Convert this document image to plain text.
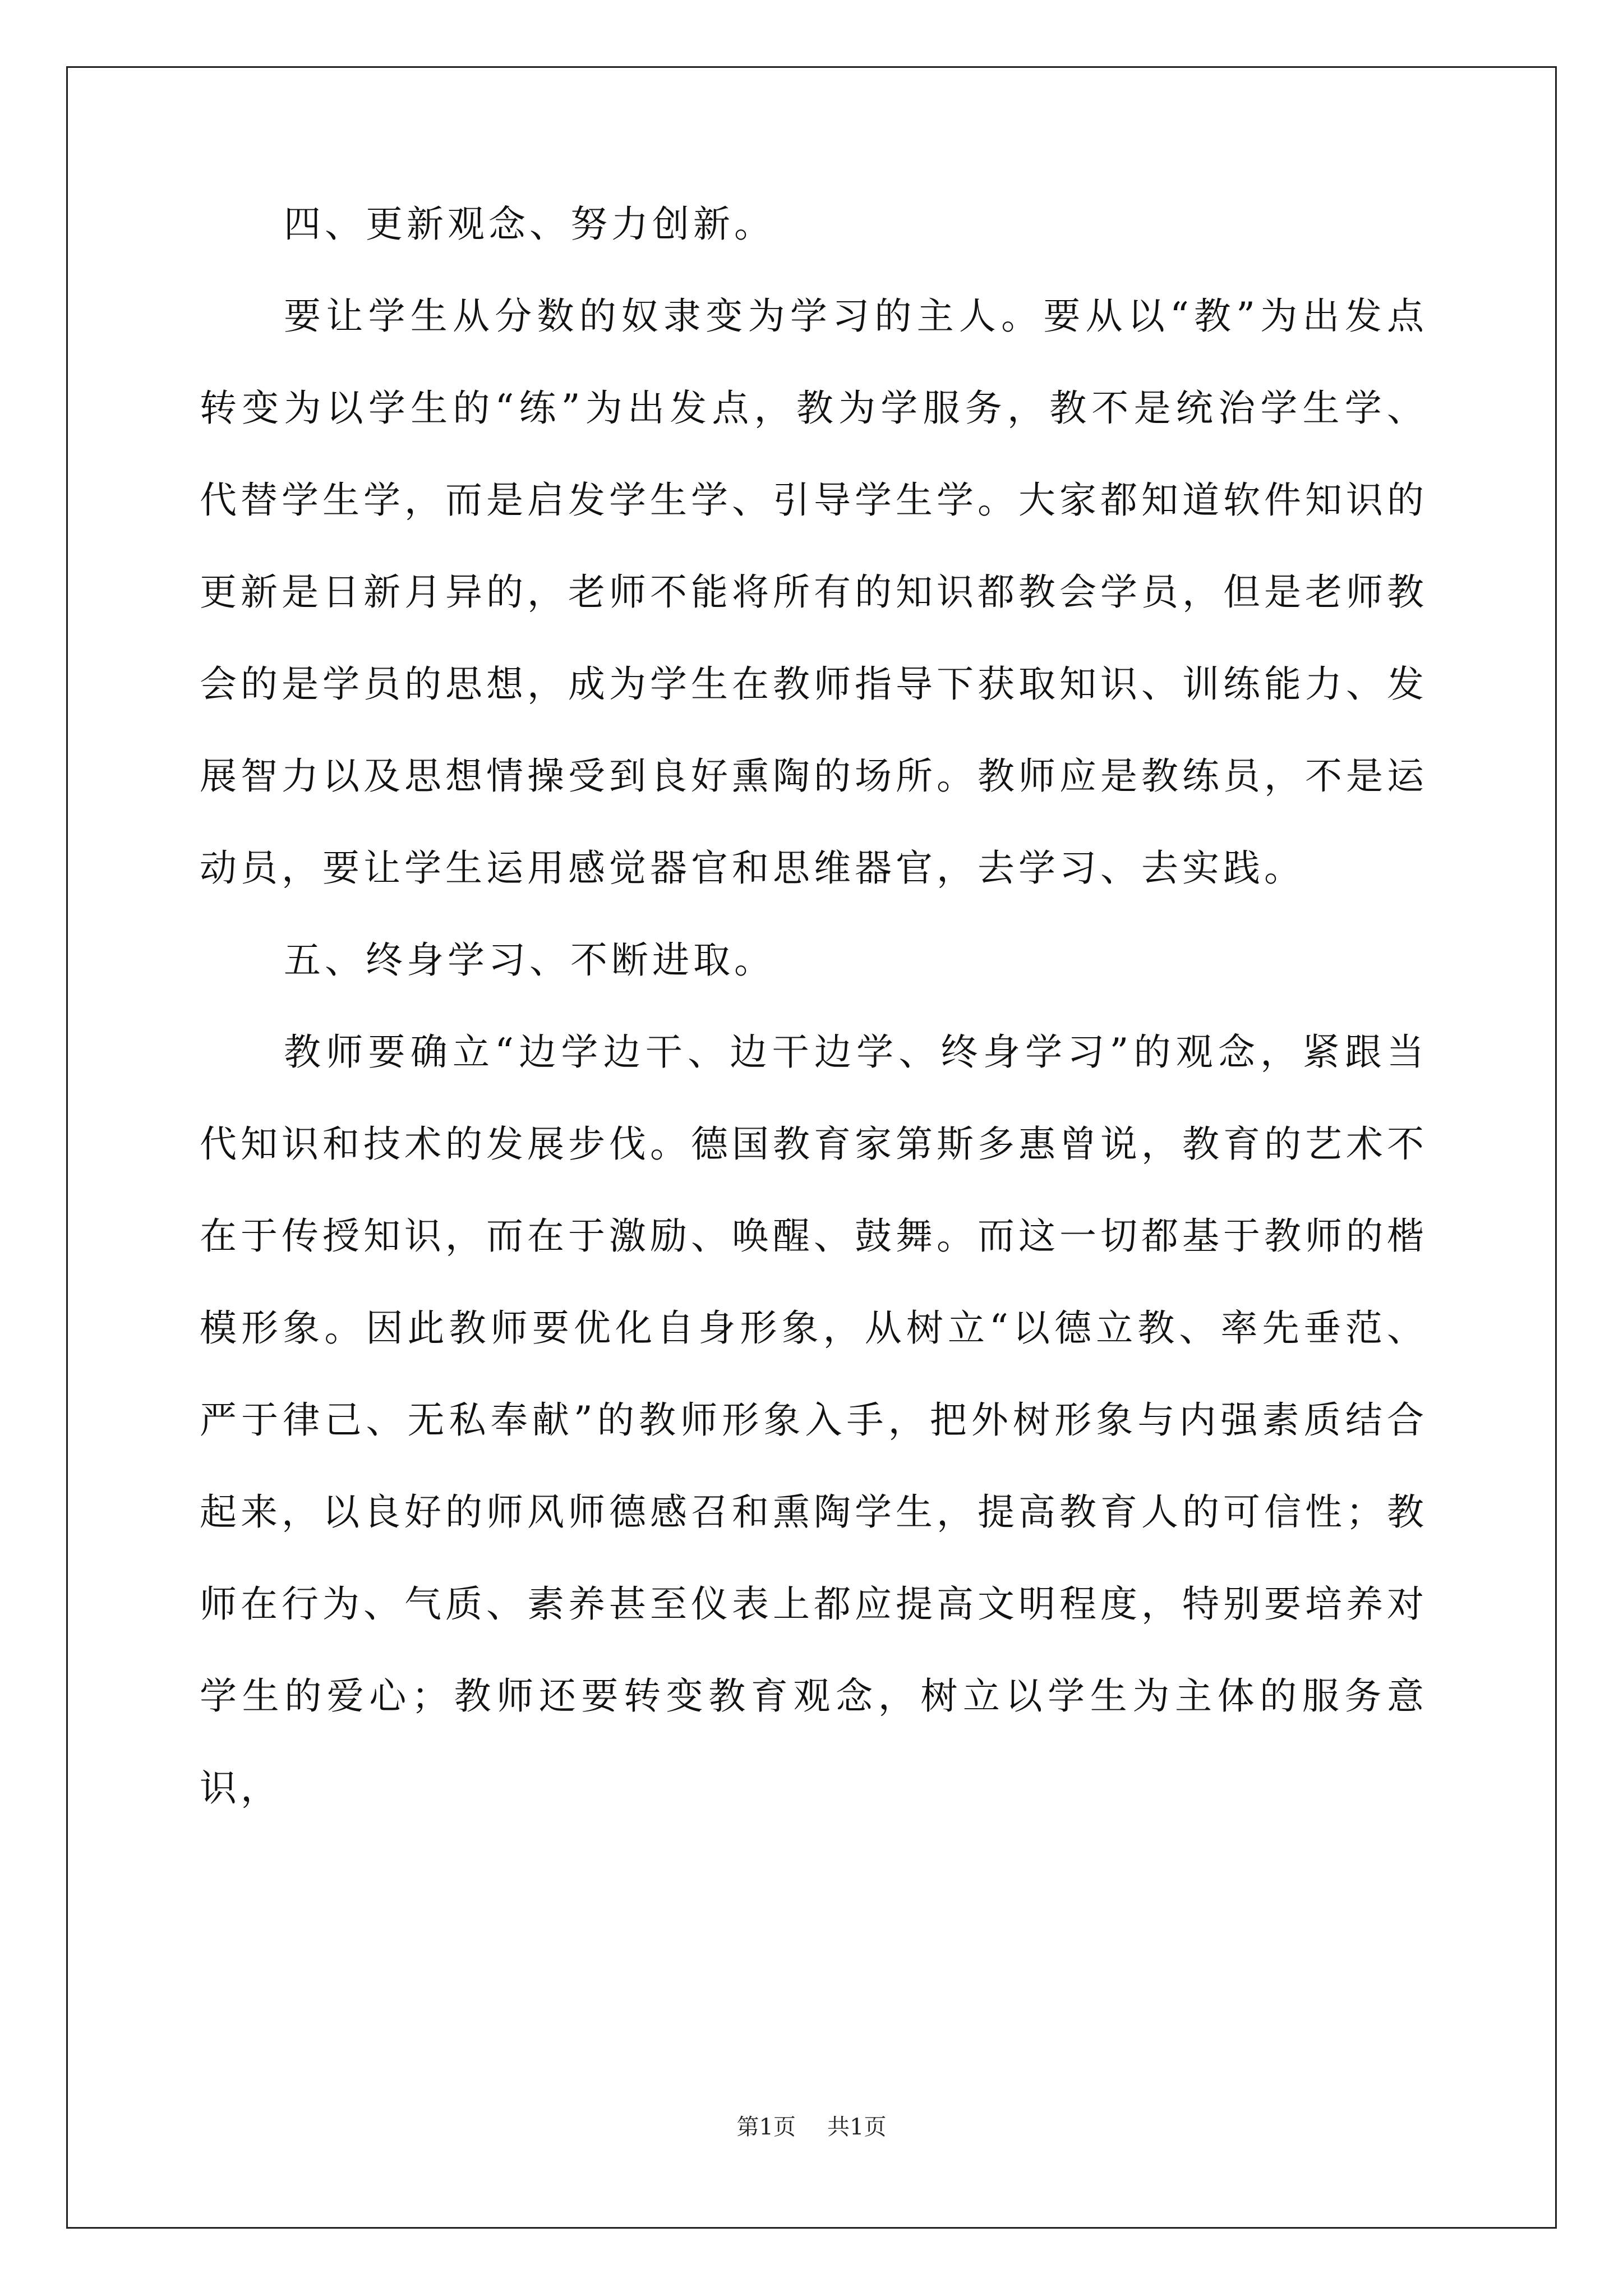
四、更新观念、努力创新。

要让学生从分数的奴隶变为学习的主人。要从以“教”为出发点转变为以学生的“练”为出发点，教为学服务，教不是统治学生学、代替学生学，而是启发学生学、引导学生学。大家都知道软件知识的更新是日新月异的，老师不能将所有的知识都教会学员，但是老师教会的是学员的思想，成为学生在教师指导下获取知识、训练能力、发展智力以及思想情操受到良好熏陶的场所。教师应是教练员，不是运动员，要让学生运用感觉器官和思维器官，去学习、去实践。

五、终身学习、不断进取。

教师要确立“边学边干、边干边学、终身学习”的观念，紧跟当代知识和技术的发展步伐。德国教育家第斯多惠曾说，教育的艺术不在于传授知识，而在于激励、唤醒、鼓舞。而这一切都基于教师的楷模形象。因此教师要优化自身形象，从树立“以德立教、率先垂范、严于律己、无私奉献”的教师形象入手，把外树形象与内强素质结合起来，以良好的师风师德感召和熏陶学生，提高教育人的可信性；教师在行为、气质、素养甚至仪表上都应提高文明程度，特别要培养对学生的爱心；教师还要转变教育观念，树立以学生为主体的服务意识，

第1页 共1页
